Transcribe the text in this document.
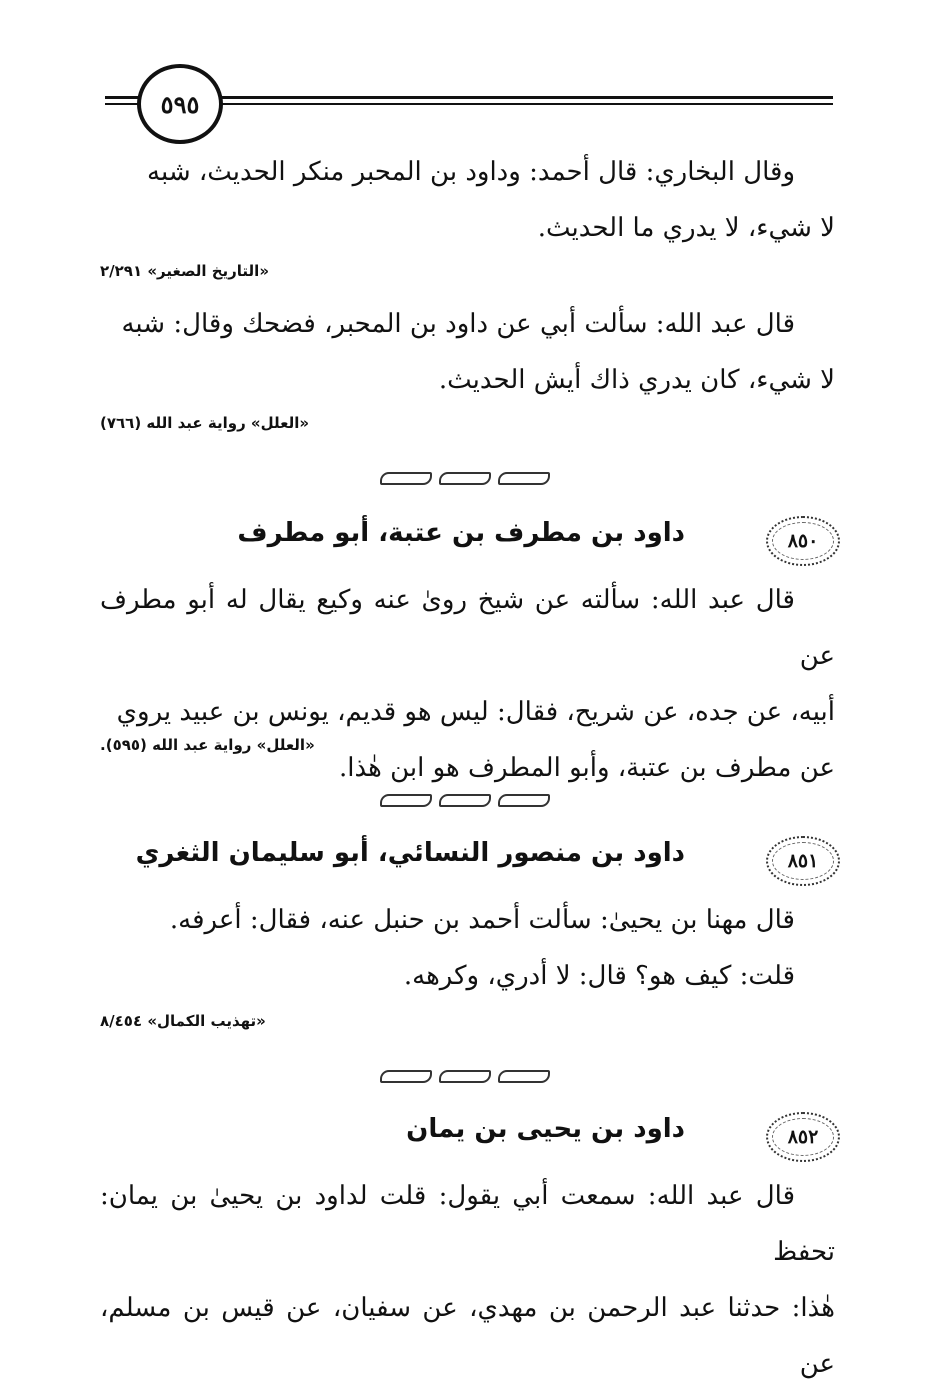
٥٩٥
وقال البخاري: قال أحمد: وداود بن المحبر منكر الحديث، شبه
لا شيء، لا يدري ما الحديث.
«التاريخ الصغير» ٢/٢٩١
قال عبد الله: سألت أبي عن داود بن المحبر، فضحك وقال: شبه
لا شيء، كان يدري ذاك أيش الحديث.
«العلل» رواية عبد الله (٧٦٦)
٨٥٠
داود بن مطرف بن عتبة، أبو مطرف
قال عبد الله: سألته عن شيخ روىٰ عنه وكيع يقال له أبو مطرف عن
أبيه، عن جده، عن شريح، فقال: ليس هو قديم، يونس بن عبيد يروي
عن مطرف بن عتبة، وأبو المطرف هو ابن هٰذا.
«العلل» رواية عبد الله (٥٩٥).
٨٥١
داود بن منصور النسائي، أبو سليمان الثغري
قال مهنا بن يحيىٰ: سألت أحمد بن حنبل عنه، فقال: أعرفه.
قلت: كيف هو؟ قال: لا أدري، وكرهه.
«تهذيب الكمال» ٨/٤٥٤
٨٥٢
داود بن يحيى بن يمان
قال عبد الله: سمعت أبي يقول: قلت لداود بن يحيىٰ بن يمان: تحفظ
هٰذا: حدثنا عبد الرحمن بن مهدي، عن سفيان، عن قيس بن مسلم، عن
